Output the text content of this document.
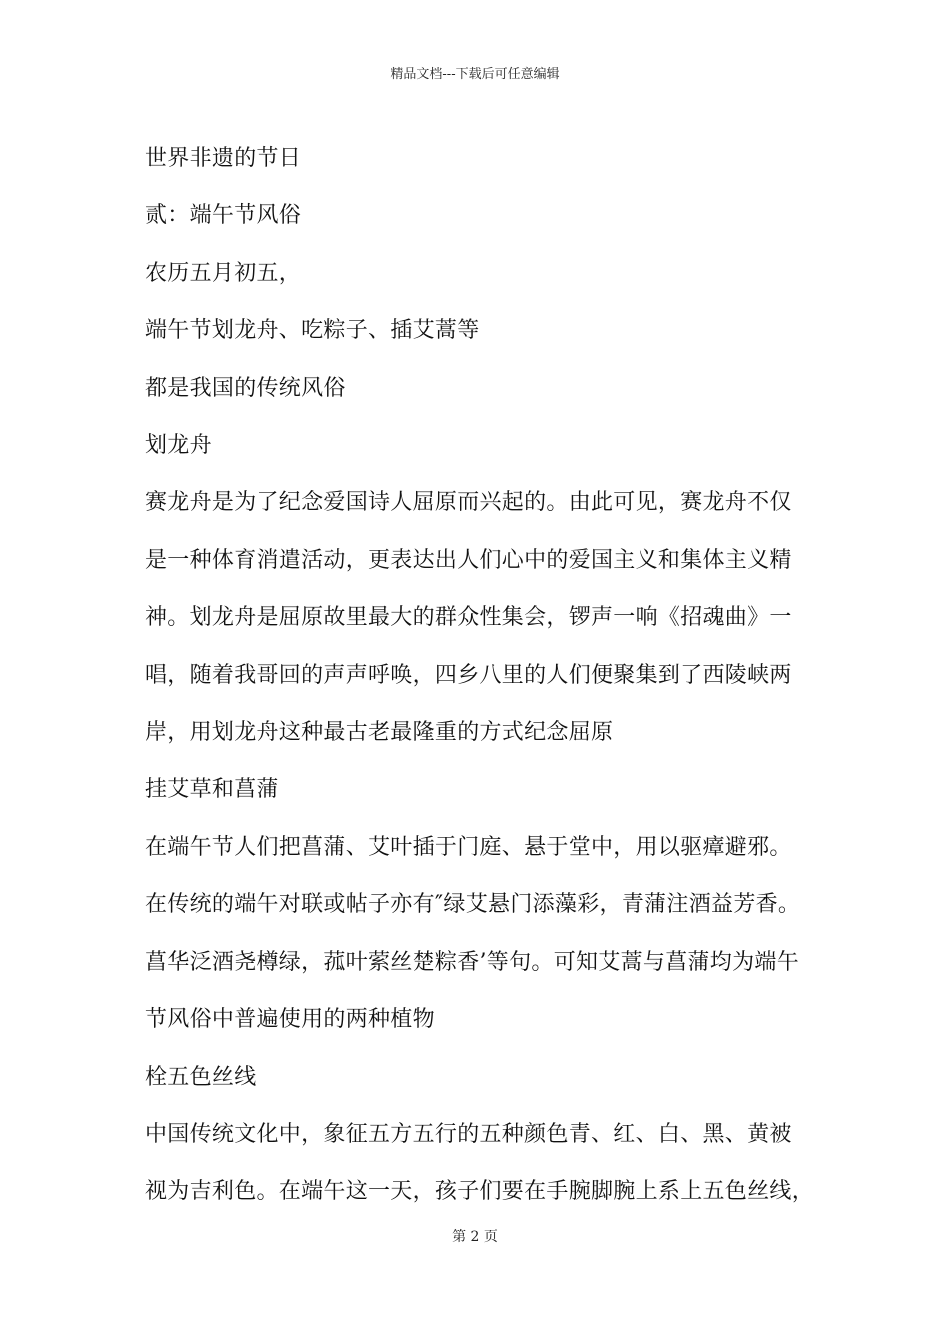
精品文档---下载后可任意编辑

世界非遗的节日

贰：端午节风俗

农历五月初五，

端午节划龙舟、吃粽子、插艾蒿等

都是我国的传统风俗

划龙舟

赛龙舟是为了纪念爱国诗人屈原而兴起的。由此可见，赛龙舟不仅

是一种体育消遣活动，更表达出人们心中的爱国主义和集体主义精

神。划龙舟是屈原故里最大的群众性集会，锣声一响《招魂曲》一

唱，随着我哥回的声声呼唤，四乡八里的人们便聚集到了西陵峡两

岸，用划龙舟这种最古老最隆重的方式纪念屈原

挂艾草和菖蒲

在端午节人们把菖蒲、艾叶插于门庭、悬于堂中，用以驱瘴避邪。

在传统的端午对联或帖子亦有″绿艾悬门添藻彩，青蒲注酒益芳香。

菖华泛酒尧樽绿，菰叶萦丝楚粽香’等句。可知艾蒿与菖蒲均为端午

节风俗中普遍使用的两种植物

栓五色丝线

中国传统文化中，象征五方五行的五种颜色青、红、白、黑、黄被

视为吉利色。在端午这一天，孩子们要在手腕脚腕上系上五色丝线，

第 2 页
